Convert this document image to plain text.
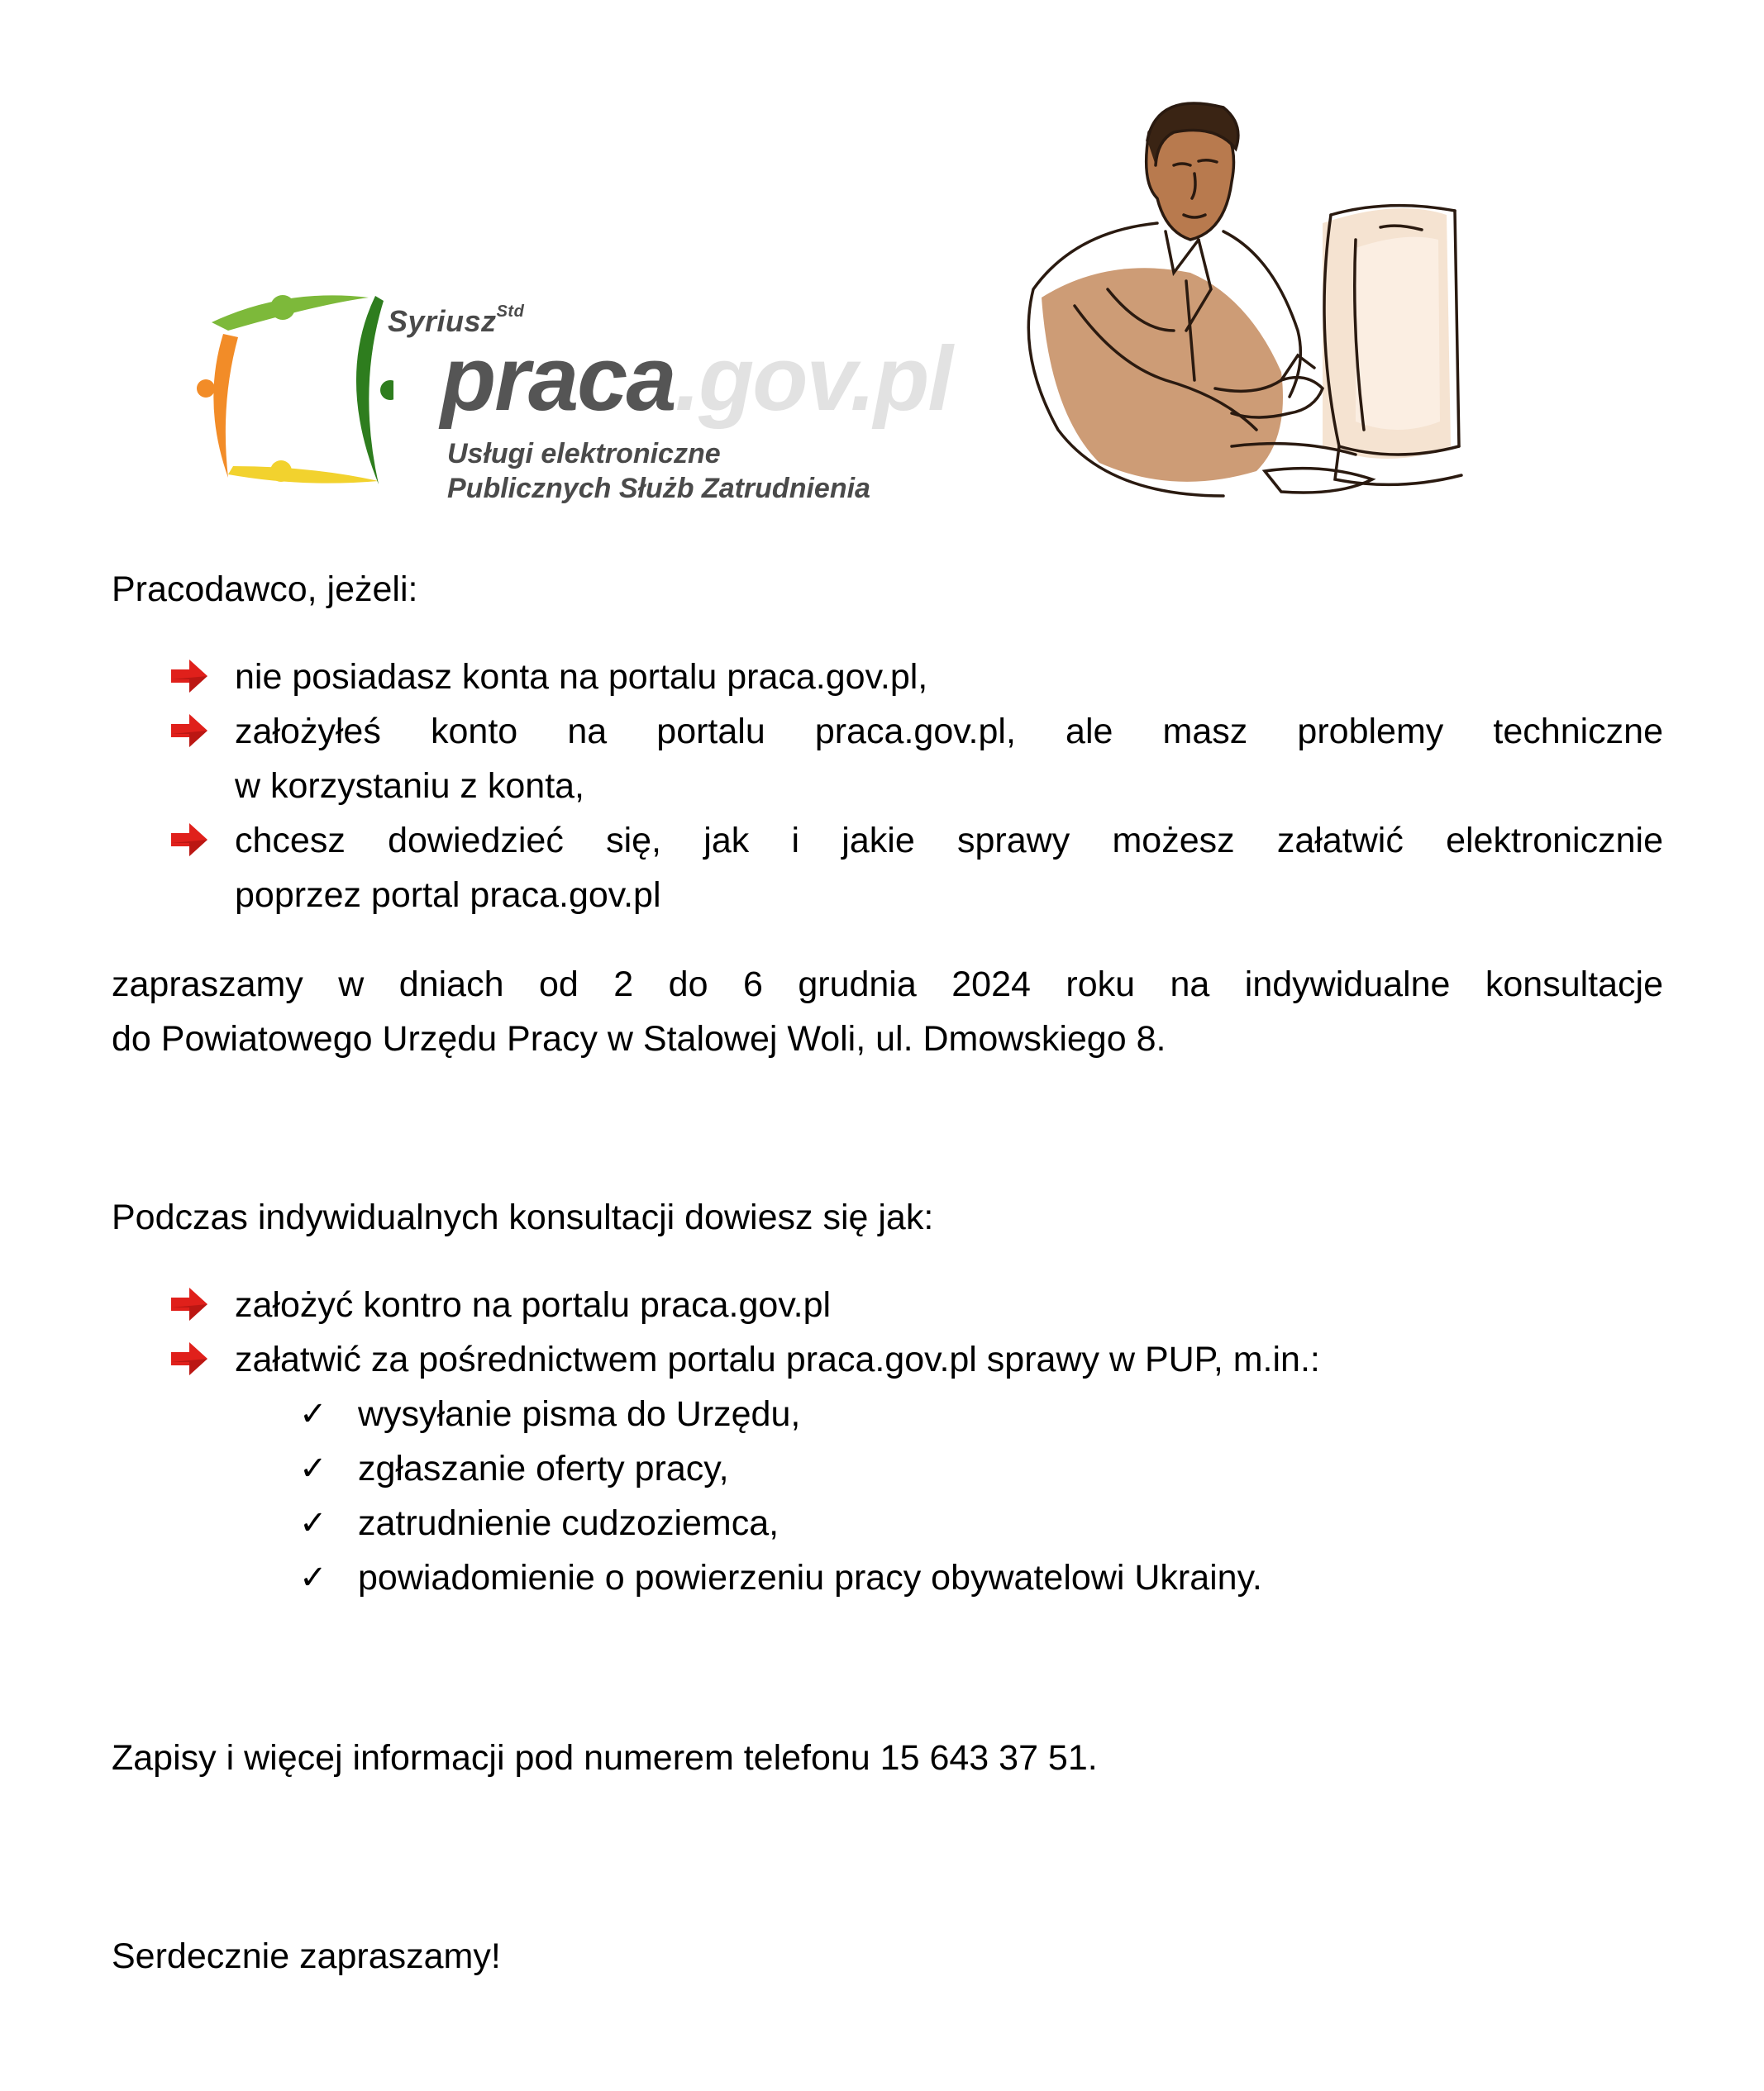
Syriusz$^{Std}$
praca.gov.pl
Usługi elektroniczne
Publicznych Służb Zatrudnienia
Pracodawco, jeżeli:
nie posiadasz konta na portalu praca.gov.pl,
założyłeś konto na portalu praca.gov.pl, ale masz problemy techniczne
w korzystaniu z konta,
chcesz dowiedzieć się, jak i jakie sprawy możesz załatwić elektronicznie
poprzez portal praca.gov.pl
zapraszamy w dniach od 2 do 6 grudnia 2024 roku na indywidualne konsultacje
do Powiatowego Urzędu Pracy w Stalowej Woli, ul. Dmowskiego 8.
Podczas indywidualnych konsultacji dowiesz się jak:
założyć kontro na portalu praca.gov.pl
załatwić za pośrednictwem portalu praca.gov.pl sprawy w PUP, m.in.:
✓ wysyłanie pisma do Urzędu,
✓ zgłaszanie oferty pracy,
✓ zatrudnienie cudzoziemca,
✓ powiadomienie o powierzeniu pracy obywatelowi Ukrainy.
Zapisy i więcej informacji pod numerem telefonu 15 643 37 51.
Serdecznie zapraszamy!
